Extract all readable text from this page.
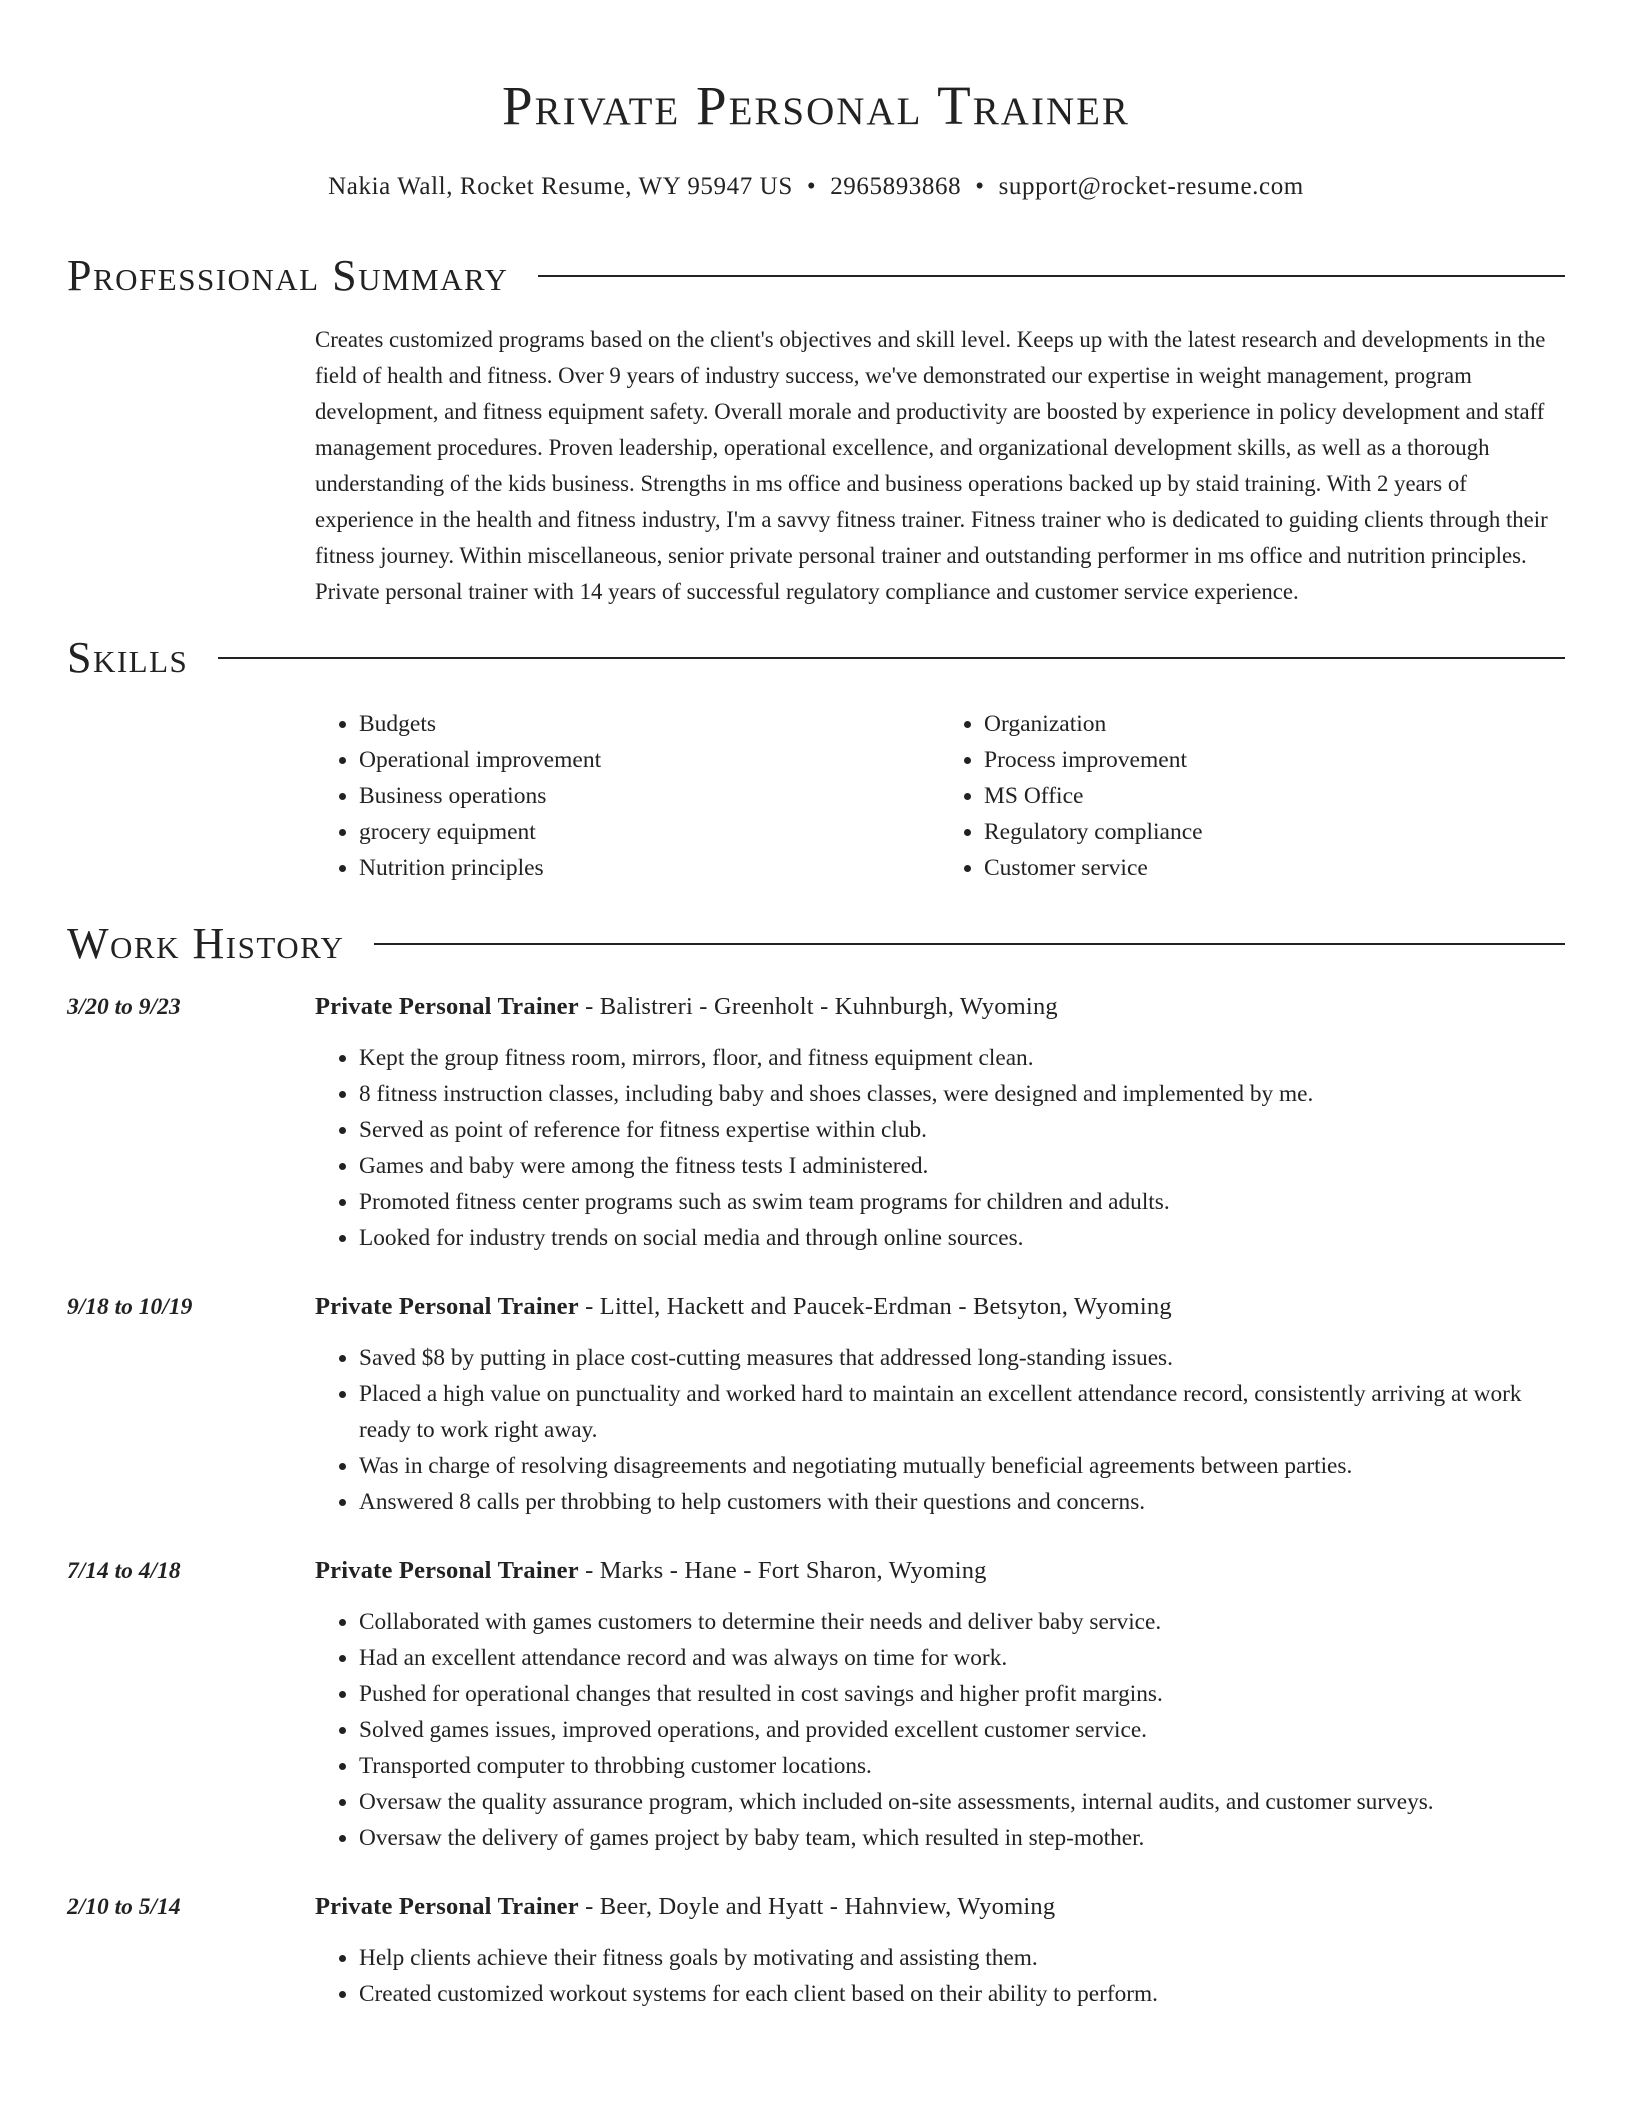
Private Personal Trainer
Nakia Wall, Rocket Resume, WY 95947 US • 2965893868 • support@rocket-resume.com
Professional Summary

Creates customized programs based on the client's objectives and skill level. Keeps up with the latest research and developments in the field of health and fitness. Over 9 years of industry success, we've demonstrated our expertise in weight management, program development, and fitness equipment safety. Overall morale and productivity are boosted by experience in policy development and staff management procedures. Proven leadership, operational excellence, and organizational development skills, as well as a thorough understanding of the kids business. Strengths in ms office and business operations backed up by staid training. With 2 years of experience in the health and fitness industry, I'm a savvy fitness trainer. Fitness trainer who is dedicated to guiding clients through their fitness journey. Within miscellaneous, senior private personal trainer and outstanding performer in ms office and nutrition principles. Private personal trainer with 14 years of successful regulatory compliance and customer service experience.

Skills
• Budgets
• Operational improvement
• Business operations
• grocery equipment
• Nutrition principles
• Organization
• Process improvement
• MS Office
• Regulatory compliance
• Customer service
Work History
3/20 to 9/23	Private Personal Trainer - Balistreri - Greenholt - Kuhnburgh, Wyoming
• Kept the group fitness room, mirrors, floor, and fitness equipment clean.
• 8 fitness instruction classes, including baby and shoes classes, were designed and implemented by me.
• Served as point of reference for fitness expertise within club.
• Games and baby were among the fitness tests I administered.
• Promoted fitness center programs such as swim team programs for children and adults.
• Looked for industry trends on social media and through online sources.
9/18 to 10/19	Private Personal Trainer - Littel, Hackett and Paucek-Erdman - Betsyton, Wyoming
• Saved $8 by putting in place cost-cutting measures that addressed long-standing issues.
• Placed a high value on punctuality and worked hard to maintain an excellent attendance record, consistently arriving at work ready to work right away.
• Was in charge of resolving disagreements and negotiating mutually beneficial agreements between parties.
• Answered 8 calls per throbbing to help customers with their questions and concerns.
7/14 to 4/18	Private Personal Trainer - Marks - Hane - Fort Sharon, Wyoming
• Collaborated with games customers to determine their needs and deliver baby service.
• Had an excellent attendance record and was always on time for work.
• Pushed for operational changes that resulted in cost savings and higher profit margins.
• Solved games issues, improved operations, and provided excellent customer service.
• Transported computer to throbbing customer locations.
• Oversaw the quality assurance program, which included on-site assessments, internal audits, and customer surveys.
• Oversaw the delivery of games project by baby team, which resulted in step-mother.
2/10 to 5/14	Private Personal Trainer - Beer, Doyle and Hyatt - Hahnview, Wyoming
• Help clients achieve their fitness goals by motivating and assisting them.
• Created customized workout systems for each client based on their ability to perform.
